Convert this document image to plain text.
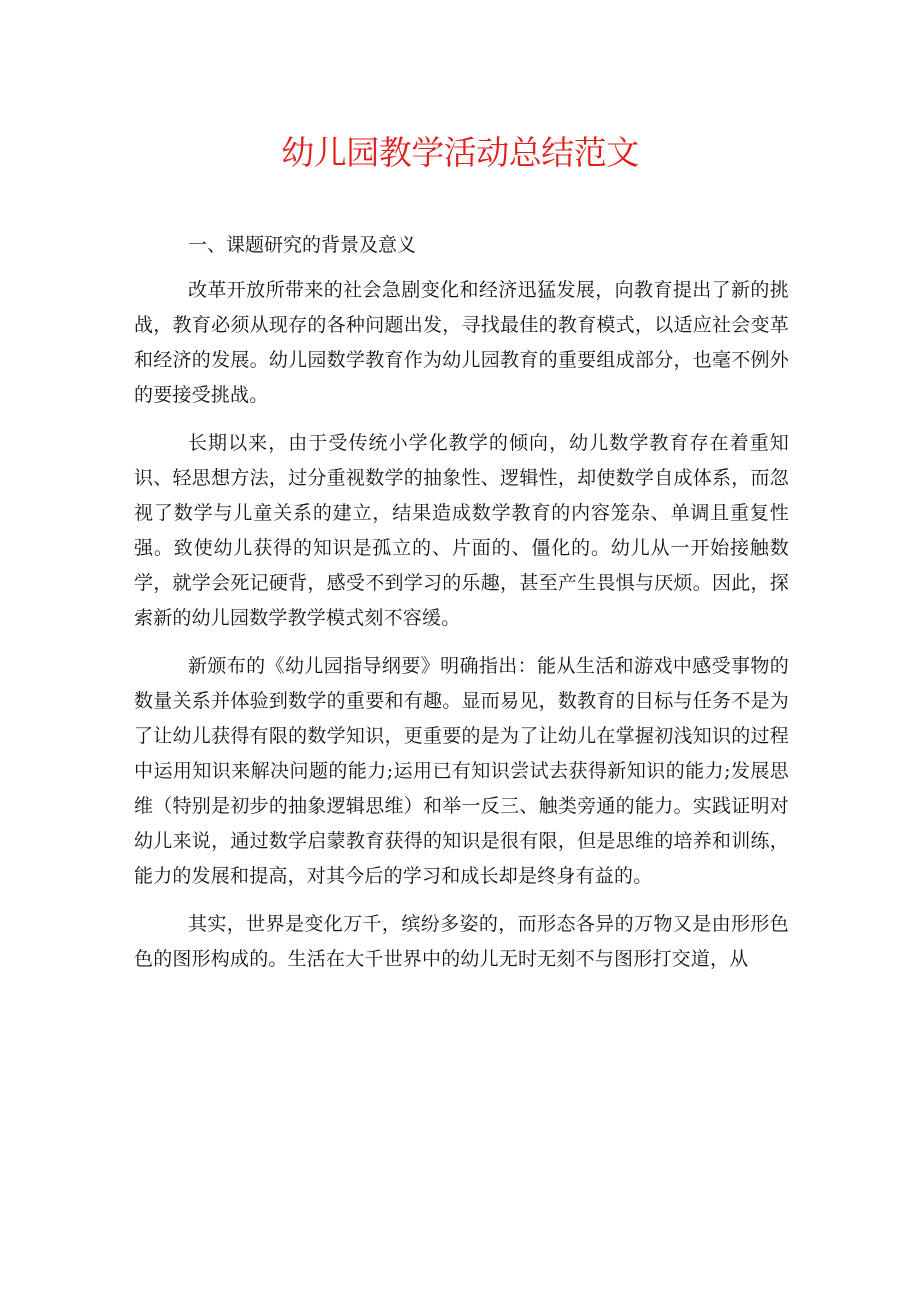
幼儿园教学活动总结范文

一、课题研究的背景及意义

改革开放所带来的社会急剧变化和经济迅猛发展，向教育提出了新的挑战，教育必须从现存的各种问题出发，寻找最佳的教育模式，以适应社会变革和经济的发展。幼儿园数学教育作为幼儿园教育的重要组成部分，也毫不例外的要接受挑战。

长期以来，由于受传统小学化教学的倾向，幼儿数学教育存在着重知识、轻思想方法，过分重视数学的抽象性、逻辑性，却使数学自成体系，而忽视了数学与儿童关系的建立，结果造成数学教育的内容笼杂、单调且重复性强。致使幼儿获得的知识是孤立的、片面的、僵化的。幼儿从一开始接触数学，就学会死记硬背，感受不到学习的乐趣，甚至产生畏惧与厌烦。因此，探索新的幼儿园数学教学模式刻不容缓。

新颁布的《幼儿园指导纲要》明确指出：能从生活和游戏中感受事物的数量关系并体验到数学的重要和有趣。显而易见，数教育的目标与任务不是为了让幼儿获得有限的数学知识，更重要的是为了让幼儿在掌握初浅知识的过程中运用知识来解决问题的能力;运用已有知识尝试去获得新知识的能力;发展思维（特别是初步的抽象逻辑思维）和举一反三、触类旁通的能力。实践证明对幼儿来说，通过数学启蒙教育获得的知识是很有限，但是思维的培养和训练，能力的发展和提高，对其今后的学习和成长却是终身有益的。

其实，世界是变化万千，缤纷多姿的，而形态各异的万物又是由形形色色的图形构成的。生活在大千世界中的幼儿无时无刻不与图形打交道，从
